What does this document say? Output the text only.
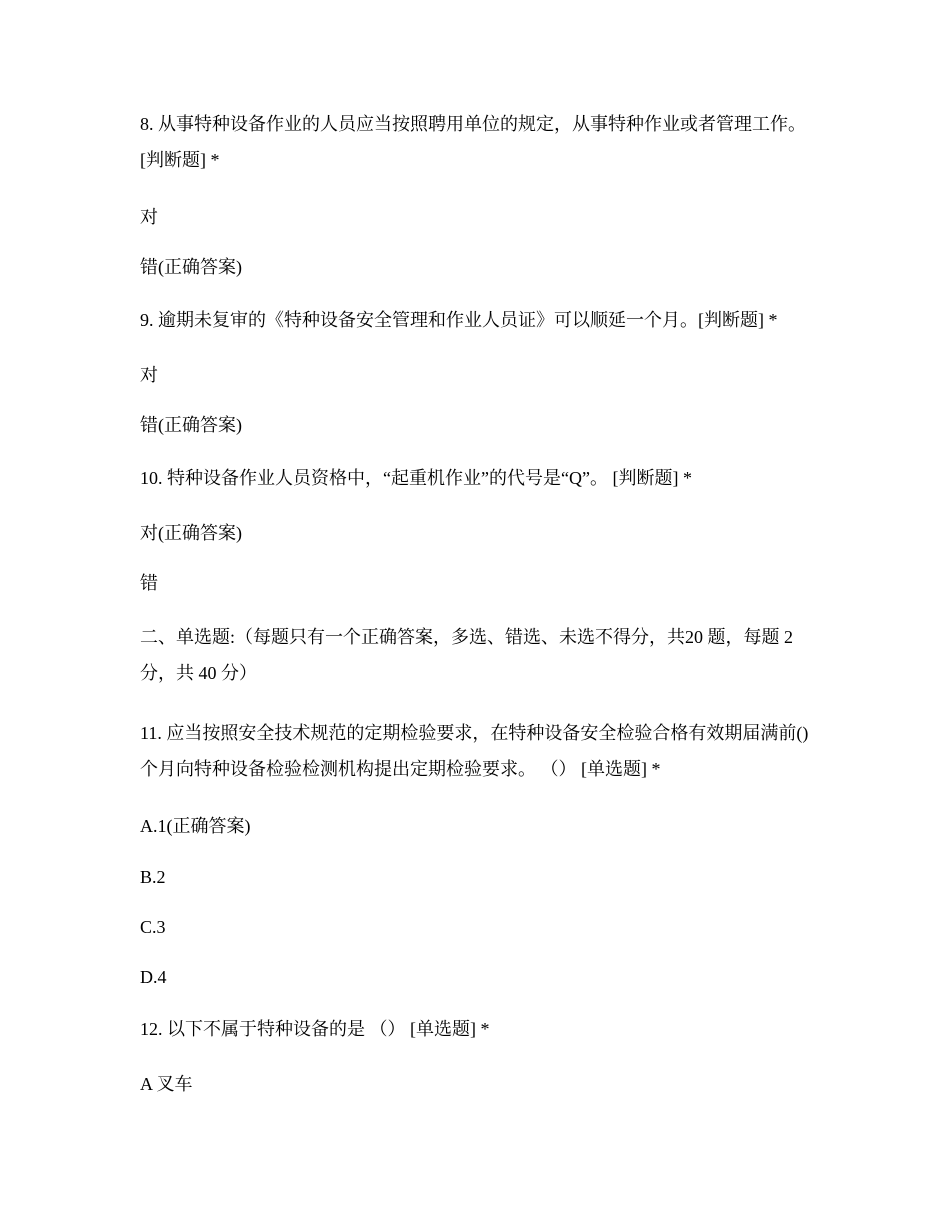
8. 从事特种设备作业的人员应当按照聘用单位的规定，从事特种作业或者管理工作。 [判断题] *
对
错(正确答案)
9. 逾期未复审的《特种设备安全管理和作业人员证》可以顺延一个月。[判断题] *
对
错(正确答案)
10. 特种设备作业人员资格中，“起重机作业”的代号是“Q”。 [判断题] *
对(正确答案)
错
二、单选题:（每题只有一个正确答案，多选、错选、未选不得分，共20 题，每题 2 分，共 40 分）
11. 应当按照安全技术规范的定期检验要求，在特种设备安全检验合格有效期届满前()个月向特种设备检验检测机构提出定期检验要求。 （） [单选题] *
A.1(正确答案)
B.2
C.3
D.4
12. 以下不属于特种设备的是 （） [单选题] *
A 叉车
